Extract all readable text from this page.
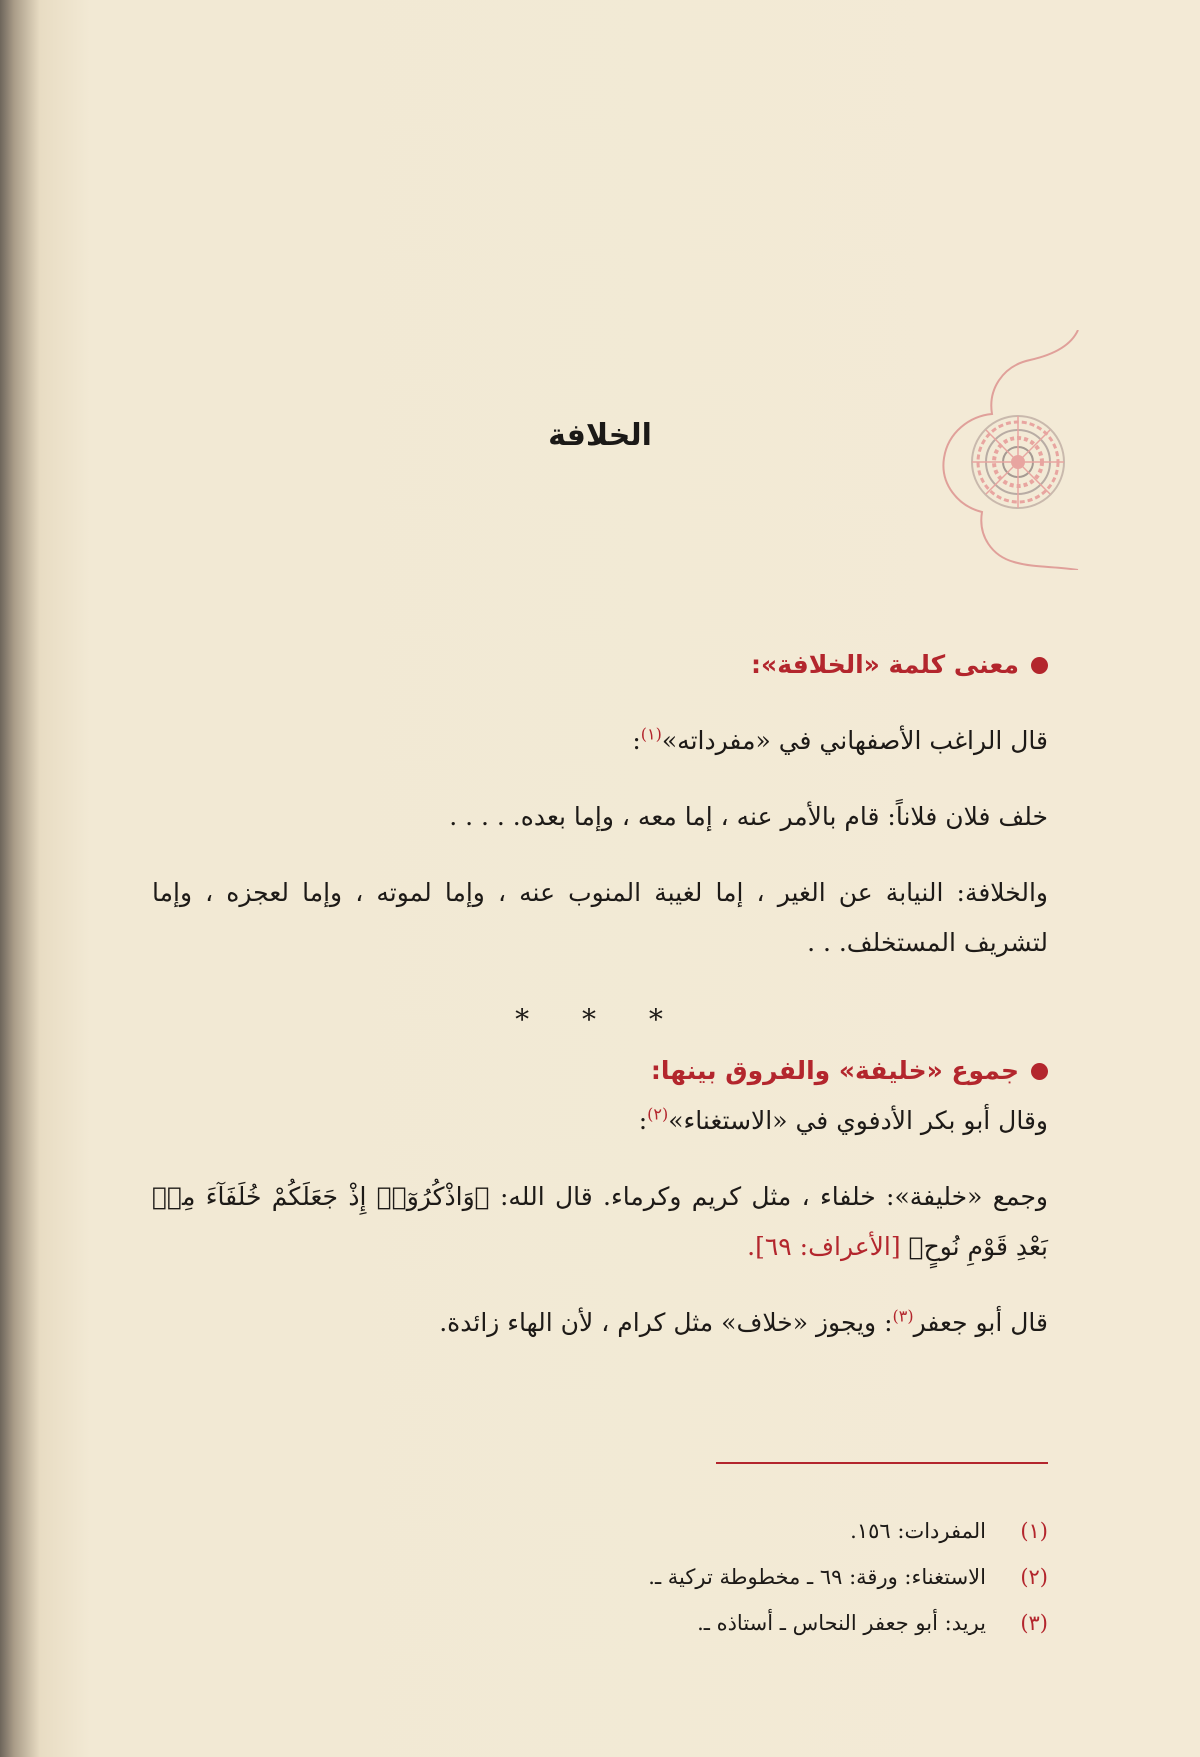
الخلافة
معنى كلمة «الخلافة»:

قال الراغب الأصفهاني في «مفرداته»$^{(١)}$:

خلف فلان فلاناً: قام بالأمر عنه ، إما معه ، وإما بعده. . . . .

والخلافة: النيابة عن الغير ، إما لغيبة المنوب عنه ، وإما لموته ، وإما لعجزه ، وإما لتشريف المستخلف. . .

* * *
جموع «خليفة» والفروق بينها:

وقال أبو بكر الأدفوي في «الاستغناء»$^{(٢)}$:

وجمع «خليفة»: خلفاء ، مثل كريم وكرماء. قال الله: ﴿وَاذْكُرُوٓا۟ إِذْ جَعَلَكُمْ خُلَفَآءَ مِنۢ بَعْدِ قَوْمِ نُوحٍ﴾ [الأعراف: ٦٩].

قال أبو جعفر$^{(٣)}$: ويجوز «خلاف» مثل كرام ، لأن الهاء زائدة.

(١)
المفردات: ١٥٦.
(٢)
الاستغناء: ورقة: ٦٩ ـ مخطوطة تركية ـ.
(٣)
يريد: أبو جعفر النحاس ـ أستاذه ـ.
